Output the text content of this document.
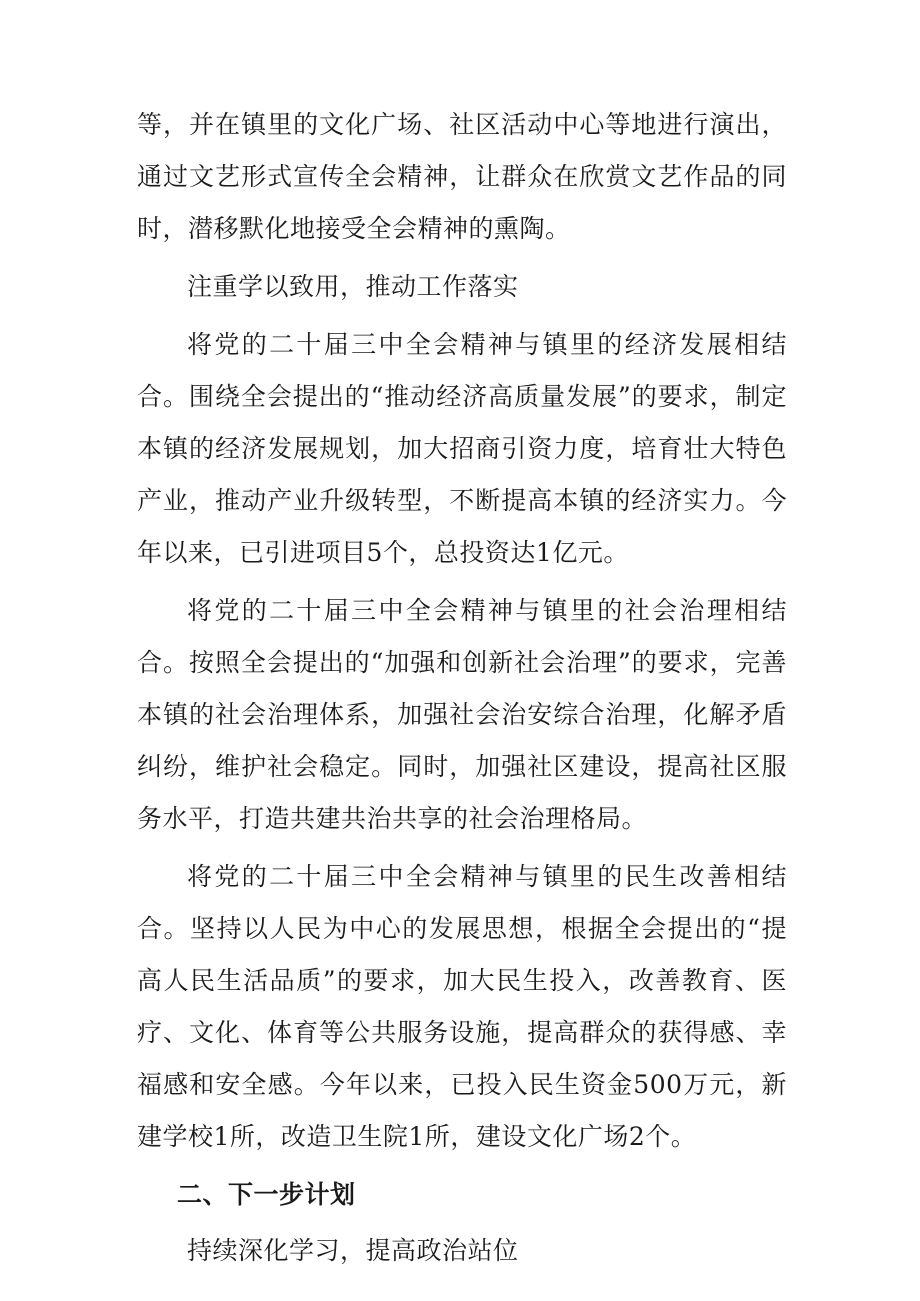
等，并在镇里的文化广场、社区活动中心等地进行演出，通过文艺形式宣传全会精神，让群众在欣赏文艺作品的同时，潜移默化地接受全会精神的熏陶。

注重学以致用，推动工作落实

将党的二十届三中全会精神与镇里的经济发展相结合。围绕全会提出的“推动经济高质量发展”的要求，制定本镇的经济发展规划，加大招商引资力度，培育壮大特色产业，推动产业升级转型，不断提高本镇的经济实力。今年以来，已引进项目5个，总投资达1亿元。

将党的二十届三中全会精神与镇里的社会治理相结合。按照全会提出的“加强和创新社会治理”的要求，完善本镇的社会治理体系，加强社会治安综合治理，化解矛盾纠纷，维护社会稳定。同时，加强社区建设，提高社区服务水平，打造共建共治共享的社会治理格局。

将党的二十届三中全会精神与镇里的民生改善相结合。坚持以人民为中心的发展思想，根据全会提出的“提高人民生活品质”的要求，加大民生投入，改善教育、医疗、文化、体育等公共服务设施，提高群众的获得感、幸福感和安全感。今年以来，已投入民生资金500万元，新建学校1所，改造卫生院1所，建设文化广场2个。

二、下一步计划

持续深化学习，提高政治站位
